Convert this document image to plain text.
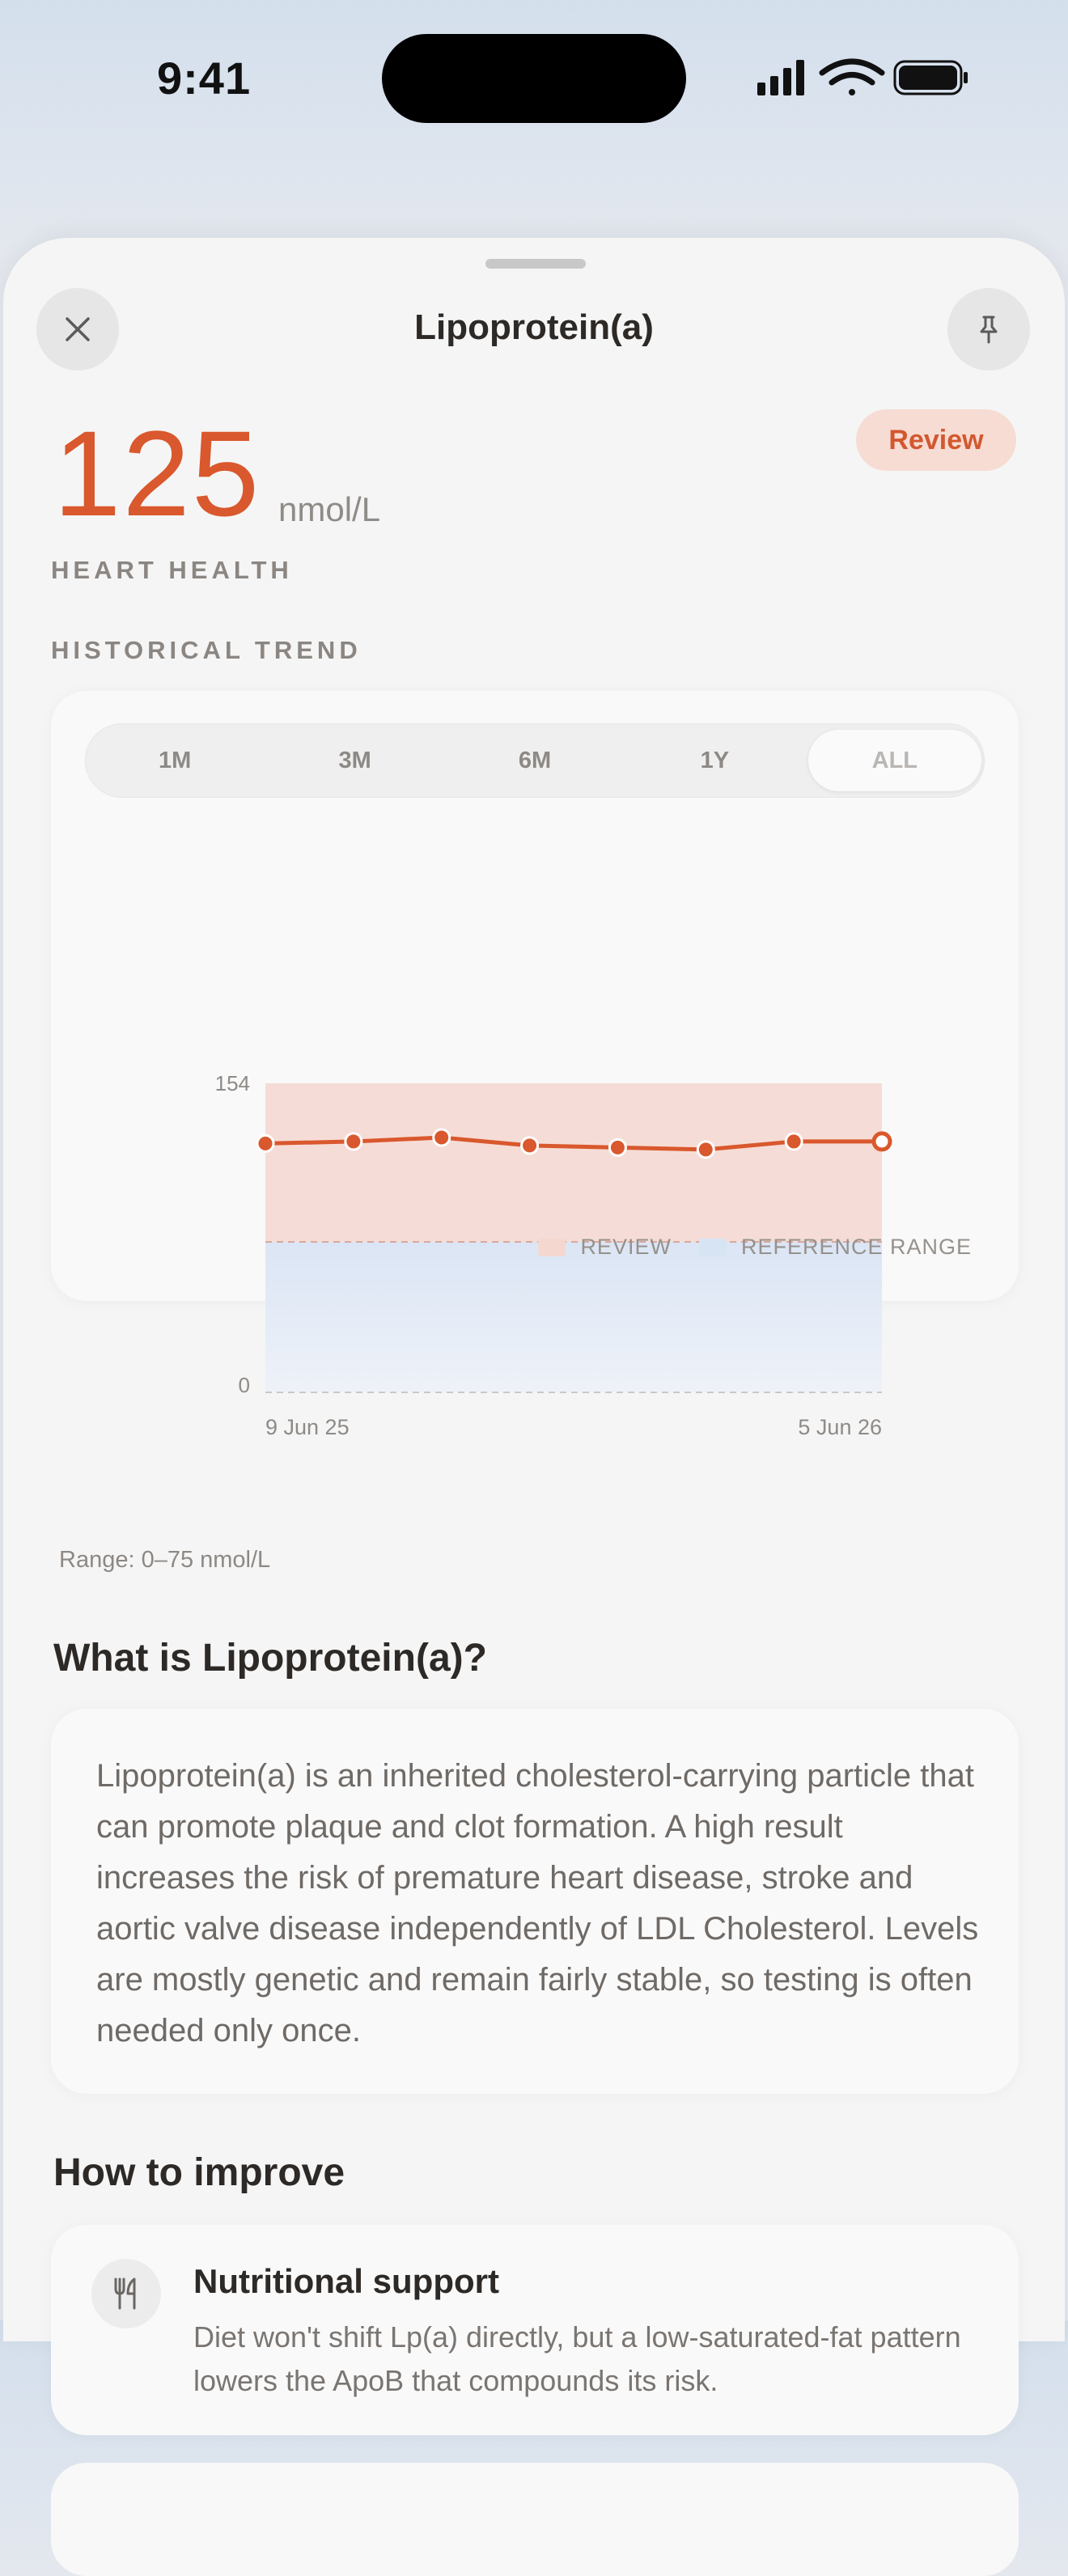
9:41
Lipoprotein(a)
125 nmol/L
Review
HEART HEALTH
HISTORICAL TREND
1M	3M	6M	1Y	ALL
154
0
9 Jun 25	5 Jun 26
REVIEW	REFERENCE RANGE
Range: 0–75 nmol/L
What is Lipoprotein(a)?
Lipoprotein(a) is an inherited cholesterol-carrying particle that can promote plaque and clot formation. A high result increases the risk of premature heart disease, stroke and aortic valve disease independently of LDL Cholesterol. Levels are mostly genetic and remain fairly stable, so testing is often needed only once.
How to improve
Nutritional support
Diet won't shift Lp(a) directly, but a low-saturated-fat pattern lowers the ApoB that compounds its risk.
